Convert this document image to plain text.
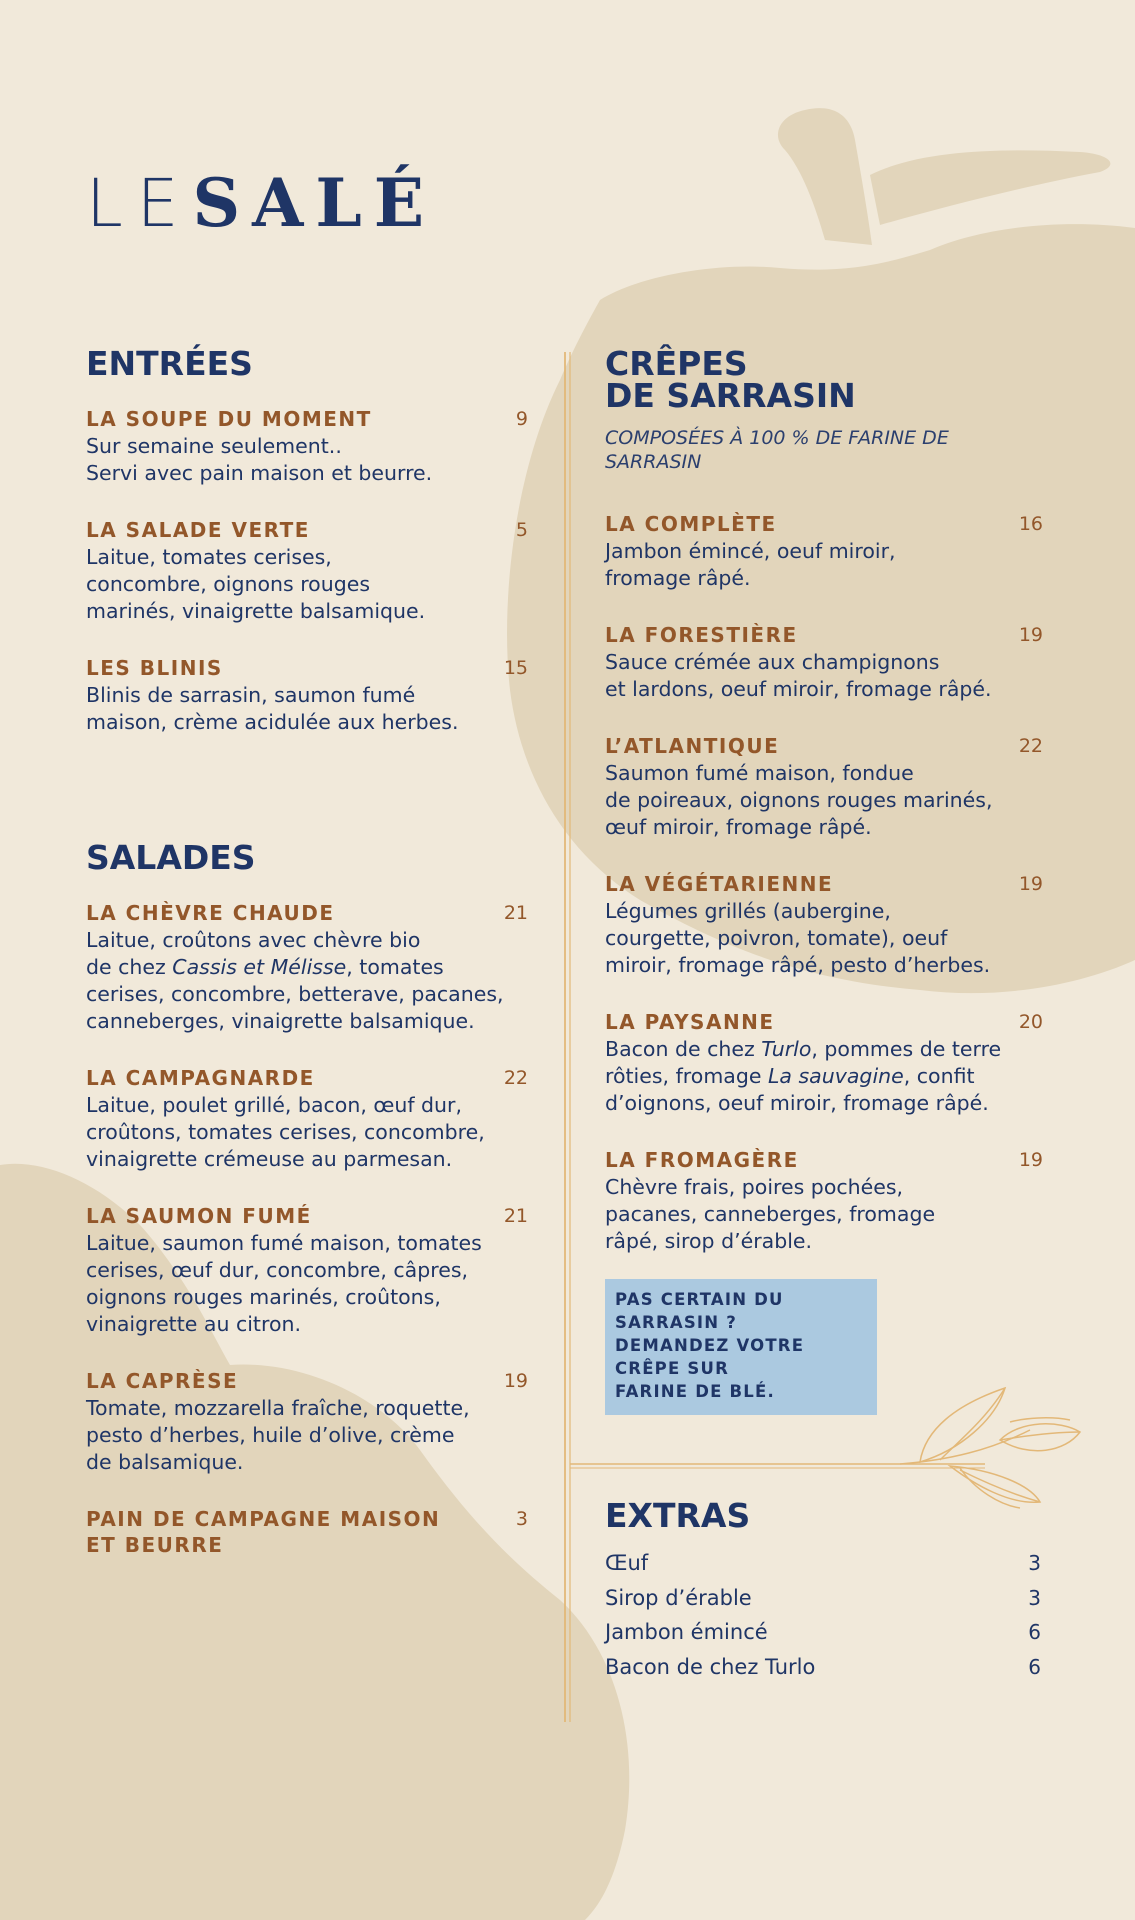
LESALÉ
ENTRÉES
LA SOUPE DU MOMENT	9
Sur semaine seulement..
Servi avec pain maison et beurre.
LA SALADE VERTE	5
Laitue, tomates cerises,
concombre, oignons rouges
marinés, vinaigrette balsamique.
LES BLINIS	15
Blinis de sarrasin, saumon fumé
maison, crème acidulée aux herbes.
SALADES
LA CHÈVRE CHAUDE	21
Laitue, croûtons avec chèvre bio
de chez Cassis et Mélisse, tomates
cerises, concombre, betterave, pacanes,
canneberges, vinaigrette balsamique.
LA CAMPAGNARDE	22
Laitue, poulet grillé, bacon, œuf dur,
croûtons, tomates cerises, concombre,
vinaigrette crémeuse au parmesan.
LA SAUMON FUMÉ	21
Laitue, saumon fumé maison, tomates
cerises, œuf dur, concombre, câpres,
oignons rouges marinés, croûtons,
vinaigrette au citron.
LA CAPRÈSE	19
Tomate, mozzarella fraîche, roquette,
pesto d’herbes, huile d’olive, crème
de balsamique.
PAIN DE CAMPAGNE MAISON
ET BEURRE
3
CRÊPES
DE SARRASIN

COMPOSÉES À 100 % DE FARINE DE SARRASIN

LA COMPLÈTE	16
Jambon émincé, oeuf miroir,
fromage râpé.
LA FORESTIÈRE	19
Sauce crémée aux champignons
et lardons, oeuf miroir, fromage râpé.
L’ATLANTIQUE	22
Saumon fumé maison, fondue
de poireaux, oignons rouges marinés,
œuf miroir, fromage râpé.
LA VÉGÉTARIENNE	19
Légumes grillés (aubergine,
courgette, poivron, tomate), oeuf
miroir, fromage râpé, pesto d’herbes.
LA PAYSANNE	20
Bacon de chez Turlo, pommes de terre
rôties, fromage La sauvagine, confit
d’oignons, oeuf miroir, fromage râpé.
LA FROMAGÈRE	19
Chèvre frais, poires pochées,
pacanes, canneberges, fromage
râpé, sirop d’érable.
PAS CERTAIN DU SARRASIN ?
DEMANDEZ VOTRE CRÊPE SUR
FARINE DE BLÉ.
EXTRAS
Œuf	3
Sirop d’érable	3
Jambon émincé	6
Bacon de chez Turlo	6
